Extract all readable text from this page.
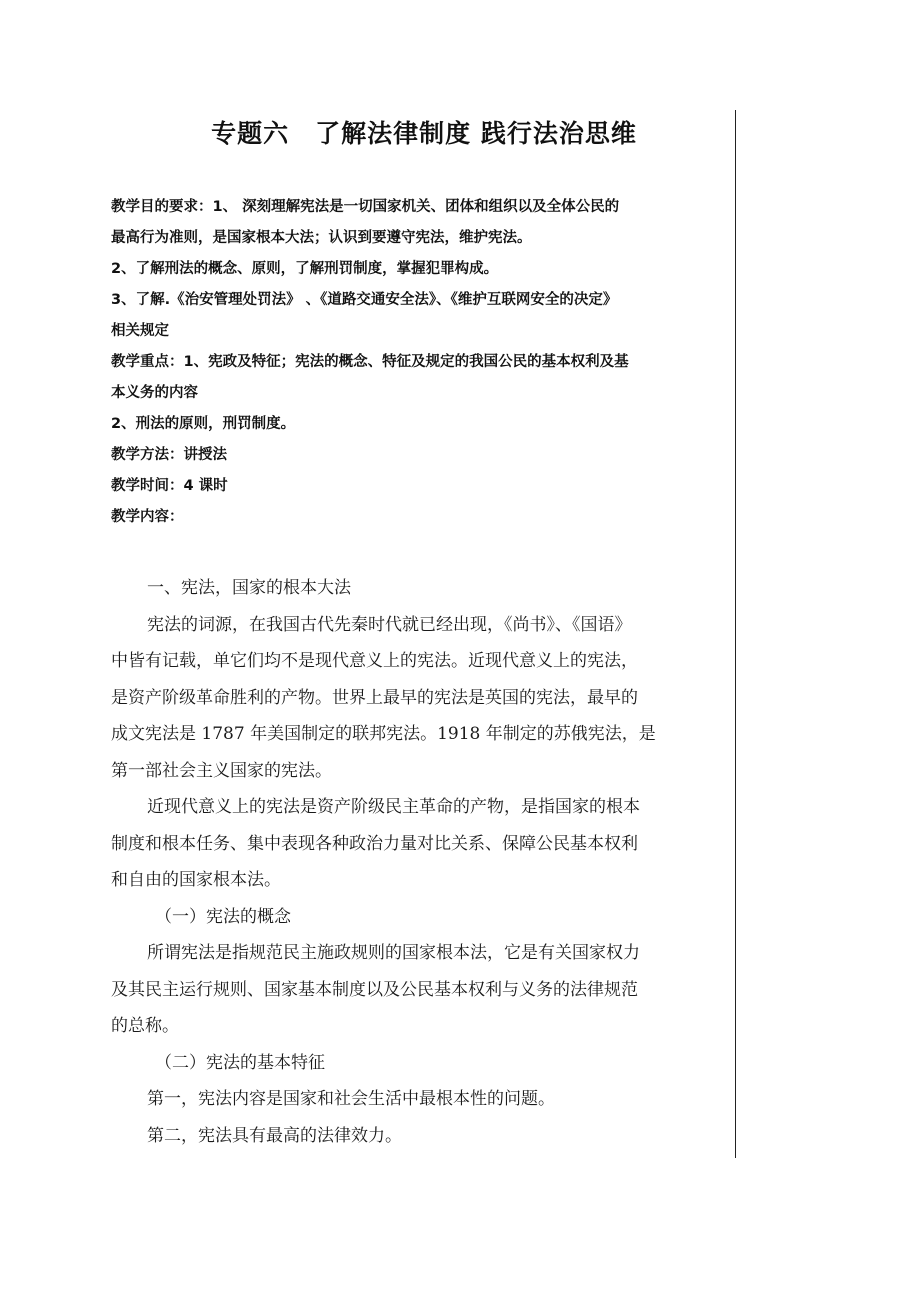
专题六　了解法律制度 践行法治思维
教学目的要求：1、 深刻理解宪法是一切国家机关、团体和组织以及全体公民的
最高行为准则，是国家根本大法；认识到要遵守宪法，维护宪法。
2、了解刑法的概念、原则，了解刑罚制度，掌握犯罪构成。
3、了解.《治安管理处罚法》 、《道路交通安全法》、《维护互联网安全的决定》
相关规定
教学重点：1、宪政及特征；宪法的概念、特征及规定的我国公民的基本权利及基
本义务的内容
2、刑法的原则，刑罚制度。
教学方法：讲授法
教学时间：4 课时
教学内容：
一、宪法，国家的根本大法
宪法的词源，在我国古代先秦时代就已经出现，《尚书》、《国语》
中皆有记载，单它们均不是现代意义上的宪法。近现代意义上的宪法，
是资产阶级革命胜利的产物。世界上最早的宪法是英国的宪法，最早的
成文宪法是 1787 年美国制定的联邦宪法。1918 年制定的苏俄宪法，是
第一部社会主义国家的宪法。
近现代意义上的宪法是资产阶级民主革命的产物，是指国家的根本
制度和根本任务、集中表现各种政治力量对比关系、保障公民基本权利
和自由的国家根本法。
（一）宪法的概念
所谓宪法是指规范民主施政规则的国家根本法，它是有关国家权力
及其民主运行规则、国家基本制度以及公民基本权利与义务的法律规范
的总称。
（二）宪法的基本特征
第一，宪法内容是国家和社会生活中最根本性的问题。
第二，宪法具有最高的法律效力。
